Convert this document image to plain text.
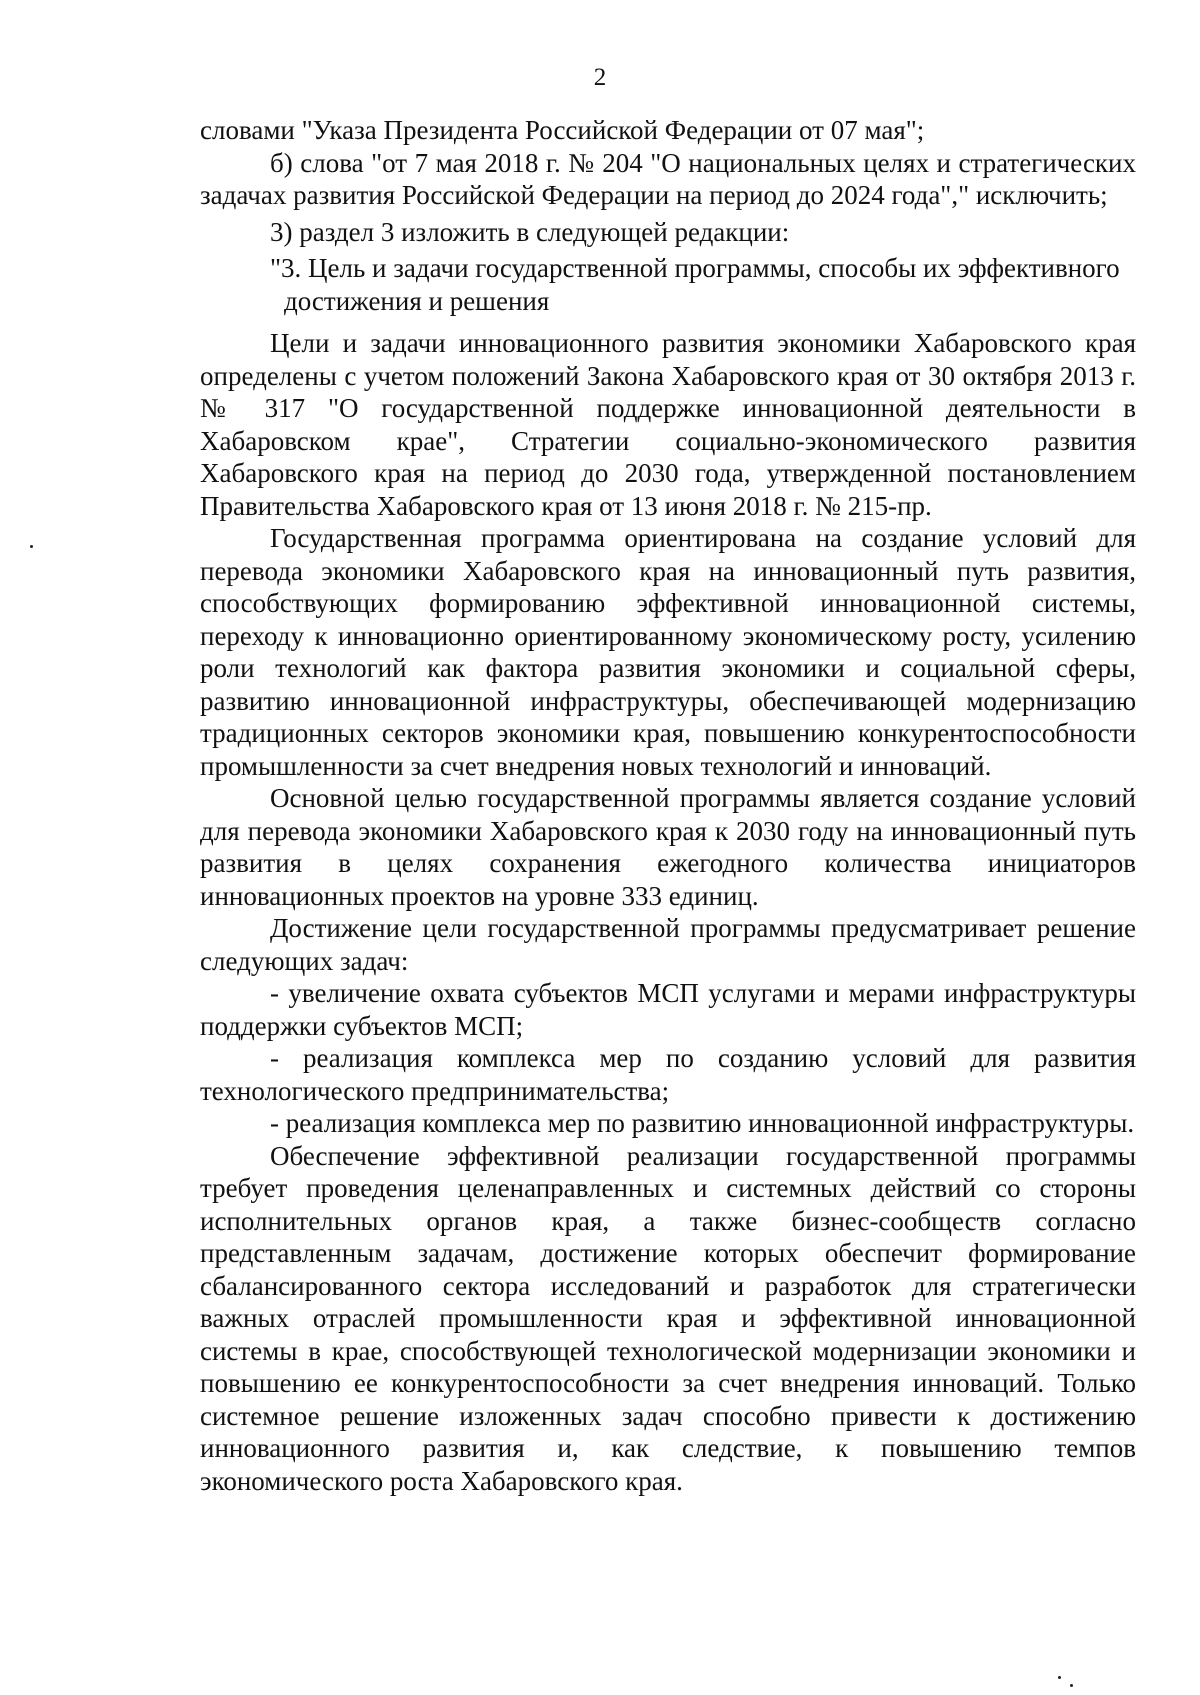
2

словами "Указа Президента Российской Федерации от 07 мая";

б) слова "от 7 мая 2018 г. № 204 "О национальных целях и стратегических задачах развития Российской Федерации на период до 2024 года"," исключить;

3) раздел 3 изложить в следующей редакции:

"3. Цель и задачи государственной программы, способы их эффективного достижения и решения

Цели и задачи инновационного развития экономики Хабаровского края определены с учетом положений Закона Хабаровского края от 30 октября 2013 г. № 317 "О государственной поддержке инновационной деятельности в Хабаровском крае", Стратегии социально-экономического развития Хабаровского края на период до 2030 года, утвержденной постановлением Правительства Хабаровского края от 13 июня 2018 г. № 215-пр.

Государственная программа ориентирована на создание условий для перевода экономики Хабаровского края на инновационный путь развития, способствующих формированию эффективной инновационной системы, переходу к инновационно ориентированному экономическому росту, усилению роли технологий как фактора развития экономики и социальной сферы, развитию инновационной инфраструктуры, обеспечивающей модернизацию традиционных секторов экономики края, повышению конкурентоспособности промышленности за счет внедрения новых технологий и инноваций.

Основной целью государственной программы является создание условий для перевода экономики Хабаровского края к 2030 году на инновационный путь развития в целях сохранения ежегодного количества инициаторов инновационных проектов на уровне 333 единиц.

Достижение цели государственной программы предусматривает решение следующих задач:

- увеличение охвата субъектов МСП услугами и мерами инфраструктуры поддержки субъектов МСП;

- реализация комплекса мер по созданию условий для развития технологического предпринимательства;

- реализация комплекса мер по развитию инновационной инфраструктуры.

Обеспечение эффективной реализации государственной программы требует проведения целенаправленных и системных действий со стороны исполнительных органов края, а также бизнес-сообществ согласно представленным задачам, достижение которых обеспечит формирование сбалансированного сектора исследований и разработок для стратегически важных отраслей промышленности края и эффективной инновационной системы в крае, способствующей технологической модернизации экономики и повышению ее конкурентоспособности за счет внедрения инноваций. Только системное решение изложенных задач способно привести к достижению инновационного развития и, как следствие, к повышению темпов экономического роста Хабаровского края.
